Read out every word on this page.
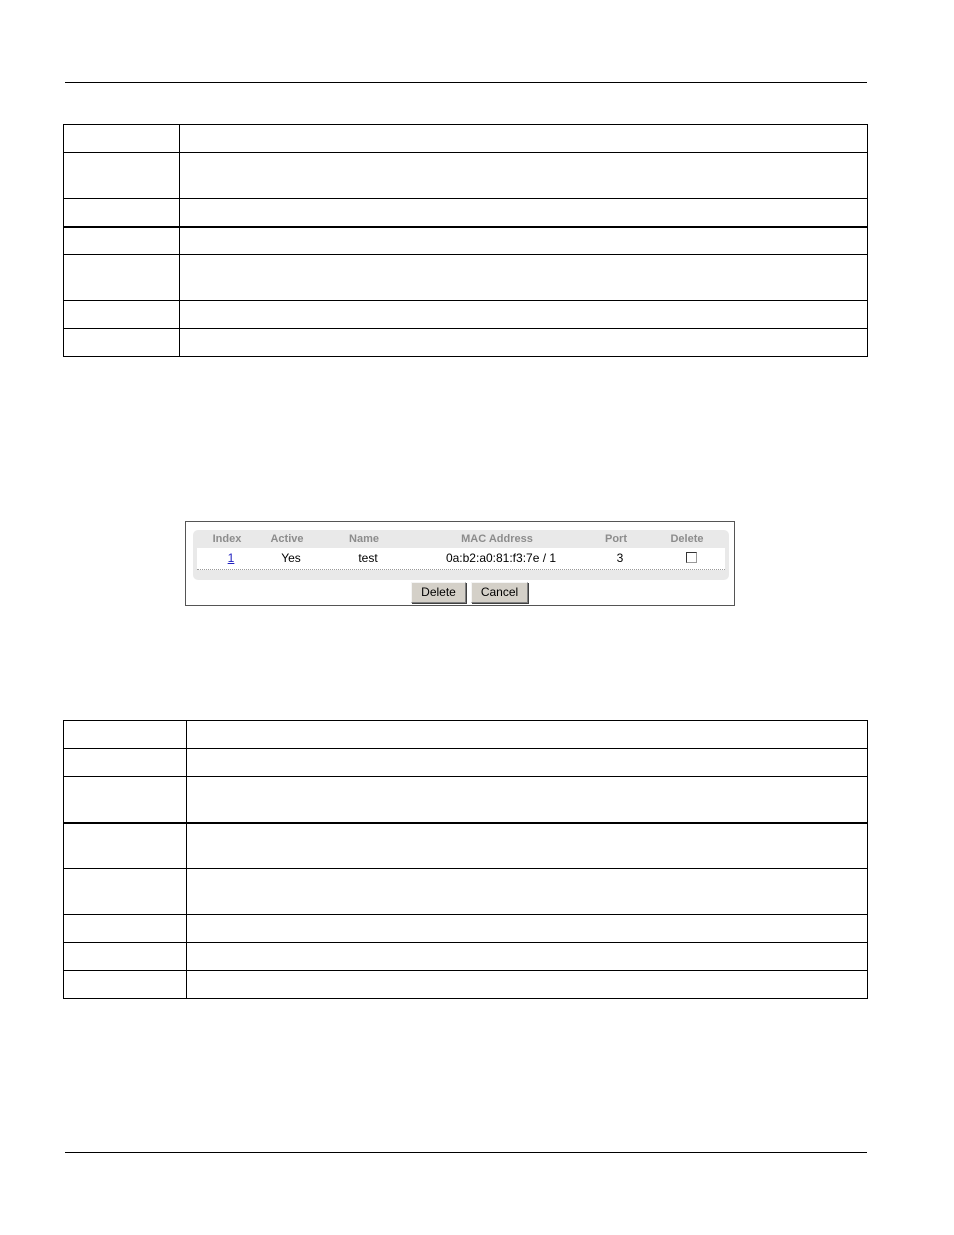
Index	Active	Name	MAC Address	Port	Delete
1	Yes	test	0a:b2:a0:81:f3:7e / 1	3
Delete	Cancel
